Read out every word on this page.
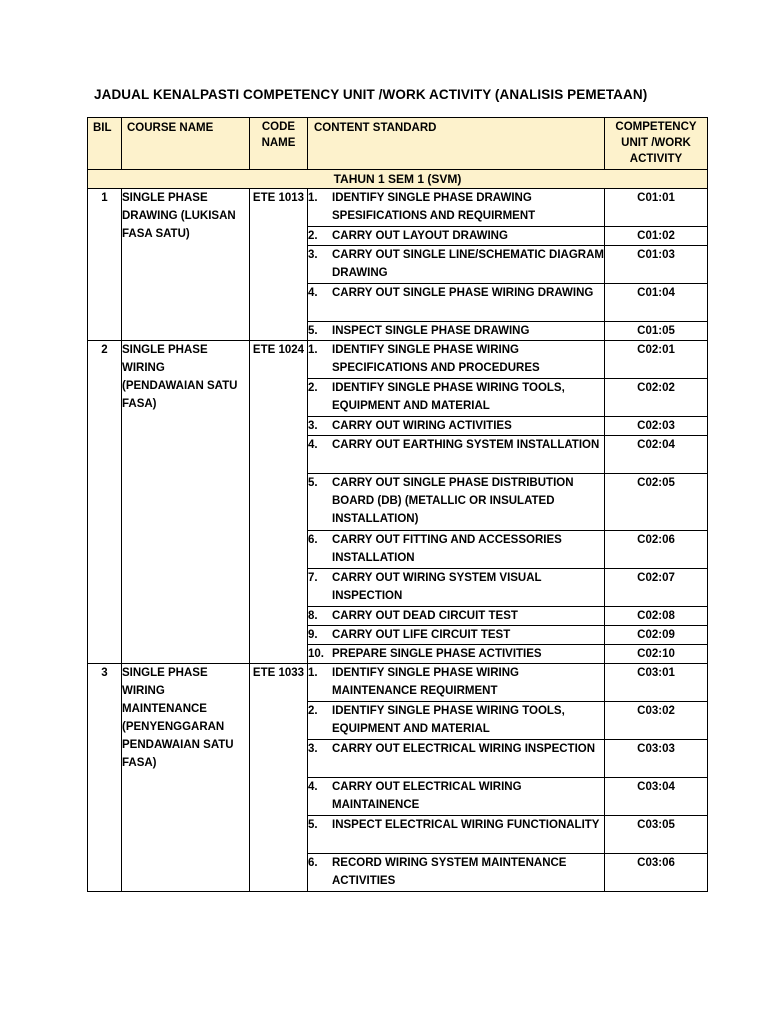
JADUAL KENALPASTI COMPETENCY UNIT /WORK ACTIVITY (ANALISIS PEMETAAN)
BIL	COURSE NAME	CODE NAME	CONTENT STANDARD	COMPETENCY UNIT /WORK ACTIVITY
TAHUN 1 SEM 1 (SVM)				
1	SINGLE PHASE DRAWING (LUKISAN FASA SATU)	ETE 1013	1. IDENTIFY SINGLE PHASE DRAWING SPESIFICATIONS AND REQUIRMENT	C01:01

			2. CARRY OUT LAYOUT DRAWING	C01:02

			3. CARRY OUT SINGLE LINE/SCHEMATIC DIAGRAM DRAWING	C01:03

			4. CARRY OUT SINGLE PHASE WIRING DRAWING	C01:04

			5. INSPECT SINGLE PHASE DRAWING	C01:05
2	SINGLE PHASE WIRING (PENDAWAIAN SATU FASA)	ETE 1024	1. IDENTIFY SINGLE PHASE WIRING SPECIFICATIONS AND PROCEDURES	C02:01

			2. IDENTIFY SINGLE PHASE WIRING TOOLS, EQUIPMENT AND MATERIAL	C02:02

			3. CARRY OUT WIRING ACTIVITIES	C02:03

			4. CARRY OUT EARTHING SYSTEM INSTALLATION	C02:04

			5. CARRY OUT SINGLE PHASE DISTRIBUTION BOARD (DB) (METALLIC OR INSULATED INSTALLATION)	C02:05

			6. CARRY OUT FITTING AND ACCESSORIES INSTALLATION	C02:06

			7. CARRY OUT WIRING SYSTEM VISUAL INSPECTION	C02:07

			8. CARRY OUT DEAD CIRCUIT TEST	C02:08

			9. CARRY OUT LIFE CIRCUIT TEST	C02:09

			10. PREPARE SINGLE PHASE ACTIVITIES	C02:10
3	SINGLE PHASE WIRING MAINTENANCE (PENYENGGARAN PENDAWAIAN SATU FASA)	ETE 1033	1. IDENTIFY SINGLE PHASE WIRING MAINTENANCE REQUIRMENT	C03:01

			2. IDENTIFY SINGLE PHASE WIRING TOOLS, EQUIPMENT AND MATERIAL	C03:02

			3. CARRY OUT ELECTRICAL WIRING INSPECTION	C03:03

			4. CARRY OUT ELECTRICAL WIRING MAINTAINENCE	C03:04

			5. INSPECT ELECTRICAL WIRING FUNCTIONALITY	C03:05

			6. RECORD WIRING SYSTEM MAINTENANCE ACTIVITIES	C03:06
